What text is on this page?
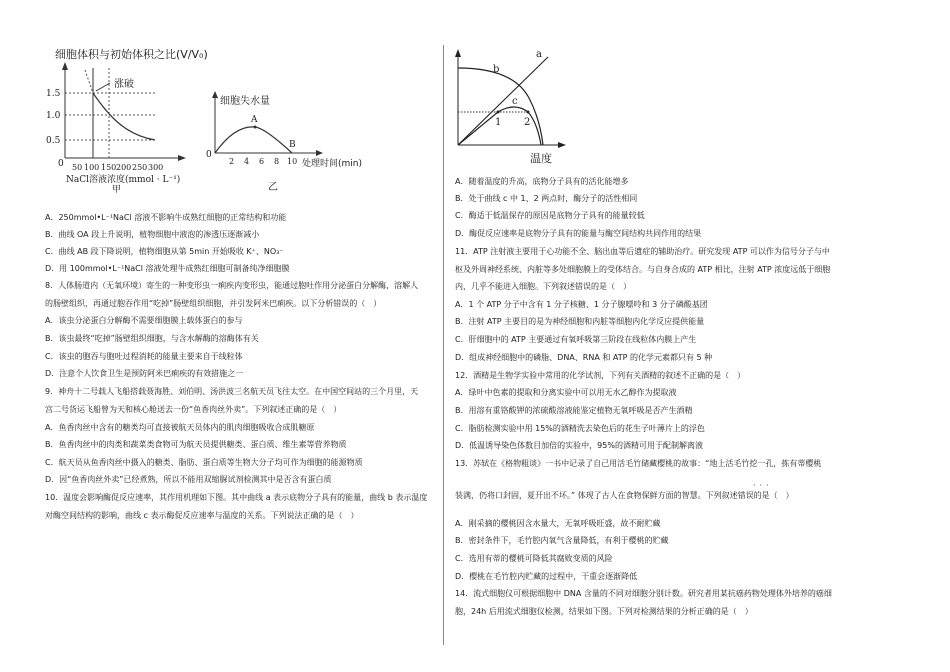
细胞体积与初始体积之比(V/V₀)
涨破
1.5
1.0
0.5
0 50 100 150 200 250 300
NaCl溶液浓度(mmol · L⁻¹)
甲
细胞失水量
A
B
0
2 4 6 8 10 处理时间(min)
乙
A．250mmol•L⁻¹NaCl 溶液不影响牛成熟红细胞的正常结构和功能
B．曲线 OA 段上升说明，植物细胞中液泡的渗透压逐渐减小
C．曲线 AB 段下降说明，植物细胞从第 5min 开始吸收 K⁺、NO₃⁻
D．用 100mmol•L⁻¹NaCl 溶液处理牛成熟红细胞可制备纯净细胞膜
8．人体肠道内（无氧环境）寄生的一种变形虫一痢疾内变形虫，能通过胞吐作用分泌蛋白分解酶，溶解人
的肠壁组织，再通过胞吞作用“吃掉”肠壁组织细胞，并引发阿米巴痢疾。以下分析错误的（　）
A．该虫分泌蛋白分解酶不需要细胞膜上载体蛋白的参与
B．该虫最终“吃掉”肠壁组织细胞，与含水解酶的溶酶体有关
C．该虫的胞吞与胞吐过程消耗的能量主要来自于线粒体
D．注意个人饮食卫生是预防阿米巴痢疾的有效措施之一
9．神舟十二号载人飞船搭载聂海胜、刘伯明、汤洪波三名航天员飞往太空。在中国空间站的三个月里，天
宫二号货运飞船曾为天和核心舱送去一份“鱼香肉丝外卖”。下列叙述正确的是（　）
A．鱼香肉丝中含有的糖类均可直接被航天员体内的肌肉细胞吸收合成肌糖原
B．鱼香肉丝中的肉类和蔬菜类食物可为航天员提供糖类、蛋白质、维生素等营养物质
C．航天员从鱼香肉丝中摄入的糖类、脂肪、蛋白质等生物大分子均可作为细胞的能源物质
D．因“鱼香肉丝外卖”已经煮熟，所以不能用双缩脲试剂检测其中是否含有蛋白质
10．温度会影响酶促反应速率，其作用机理如下图。其中曲线 a 表示底物分子具有的能量，曲线 b 表示温度
对酶空间结构的影响，曲线 c 表示酶促反应速率与温度的关系。下列说法正确的是（　）
a
b
c
1 2
温度
A．随着温度的升高，底物分子具有的活化能增多
B．处于曲线 c 中 1、2 两点时，酶分子的活性相同
C．酶适于低温保存的原因是底物分子具有的能量较低
D．酶促反应速率是底物分子具有的能量与酶空间结构共同作用的结果
11．ATP 注射液主要用于心功能不全、脑出血等后遗症的辅助治疗。研究发现 ATP 可以作为信号分子与中
枢及外周神经系统、内脏等多处细胞膜上的受体结合。与自身合成的 ATP 相比，注射 ATP 浓度远低于细胞
内，几乎不能进入细胞。下列叙述错误的是（　）
A．1 个 ATP 分子中含有 1 分子核糖、1 分子腺嘌呤和 3 分子磷酸基团
B．注射 ATP 主要目的是为神经细胞和内脏等细胞内化学反应提供能量
C．肝细胞中的 ATP 主要通过有氧呼吸第三阶段在线粒体内膜上产生
D．组成神经细胞中的磷脂、DNA、RNA 和 ATP 的化学元素都只有 5 种
12．酒精是生物学实验中常用的化学试剂，下列有关酒精的叙述不正确的是（　）
A．绿叶中色素的提取和分离实验中可以用无水乙醇作为提取液
B．用溶有重铬酸钾的浓硫酸溶液能鉴定植物无氧呼吸是否产生酒精
C．脂肪检测实验中用 15%的酒精洗去染色后的花生子叶薄片上的浮色
D．低温诱导染色体数目加倍的实验中，95%的酒精可用于配制解离液
13．苏轼在《格物粗谈》一书中记录了自己用活毛竹储藏樱桃的故事：“地上活毛竹挖一孔，拣有蒂樱桃
装满，仍将口封固，夏开出不坏。” 体现了古人在食物保鲜方面的智慧。下列叙述错误的是（　）
A．刚采摘的樱桃因含水量大，无氧呼吸旺盛，故不耐贮藏
B．密封条件下，毛竹腔内氧气含量降低，有利于樱桃的贮藏
C．选用有蒂的樱桃可降低其腐败变质的风险
D．樱桃在毛竹腔内贮藏的过程中，干重会逐渐降低
14．流式细胞仪可根据细胞中 DNA 含量的不同对细胞分别计数。研究者用某抗癌药物处理体外培养的癌细
胞，24h 后用流式细胞仪检测，结果如下图。下列对检测结果的分析正确的是（　）
···
